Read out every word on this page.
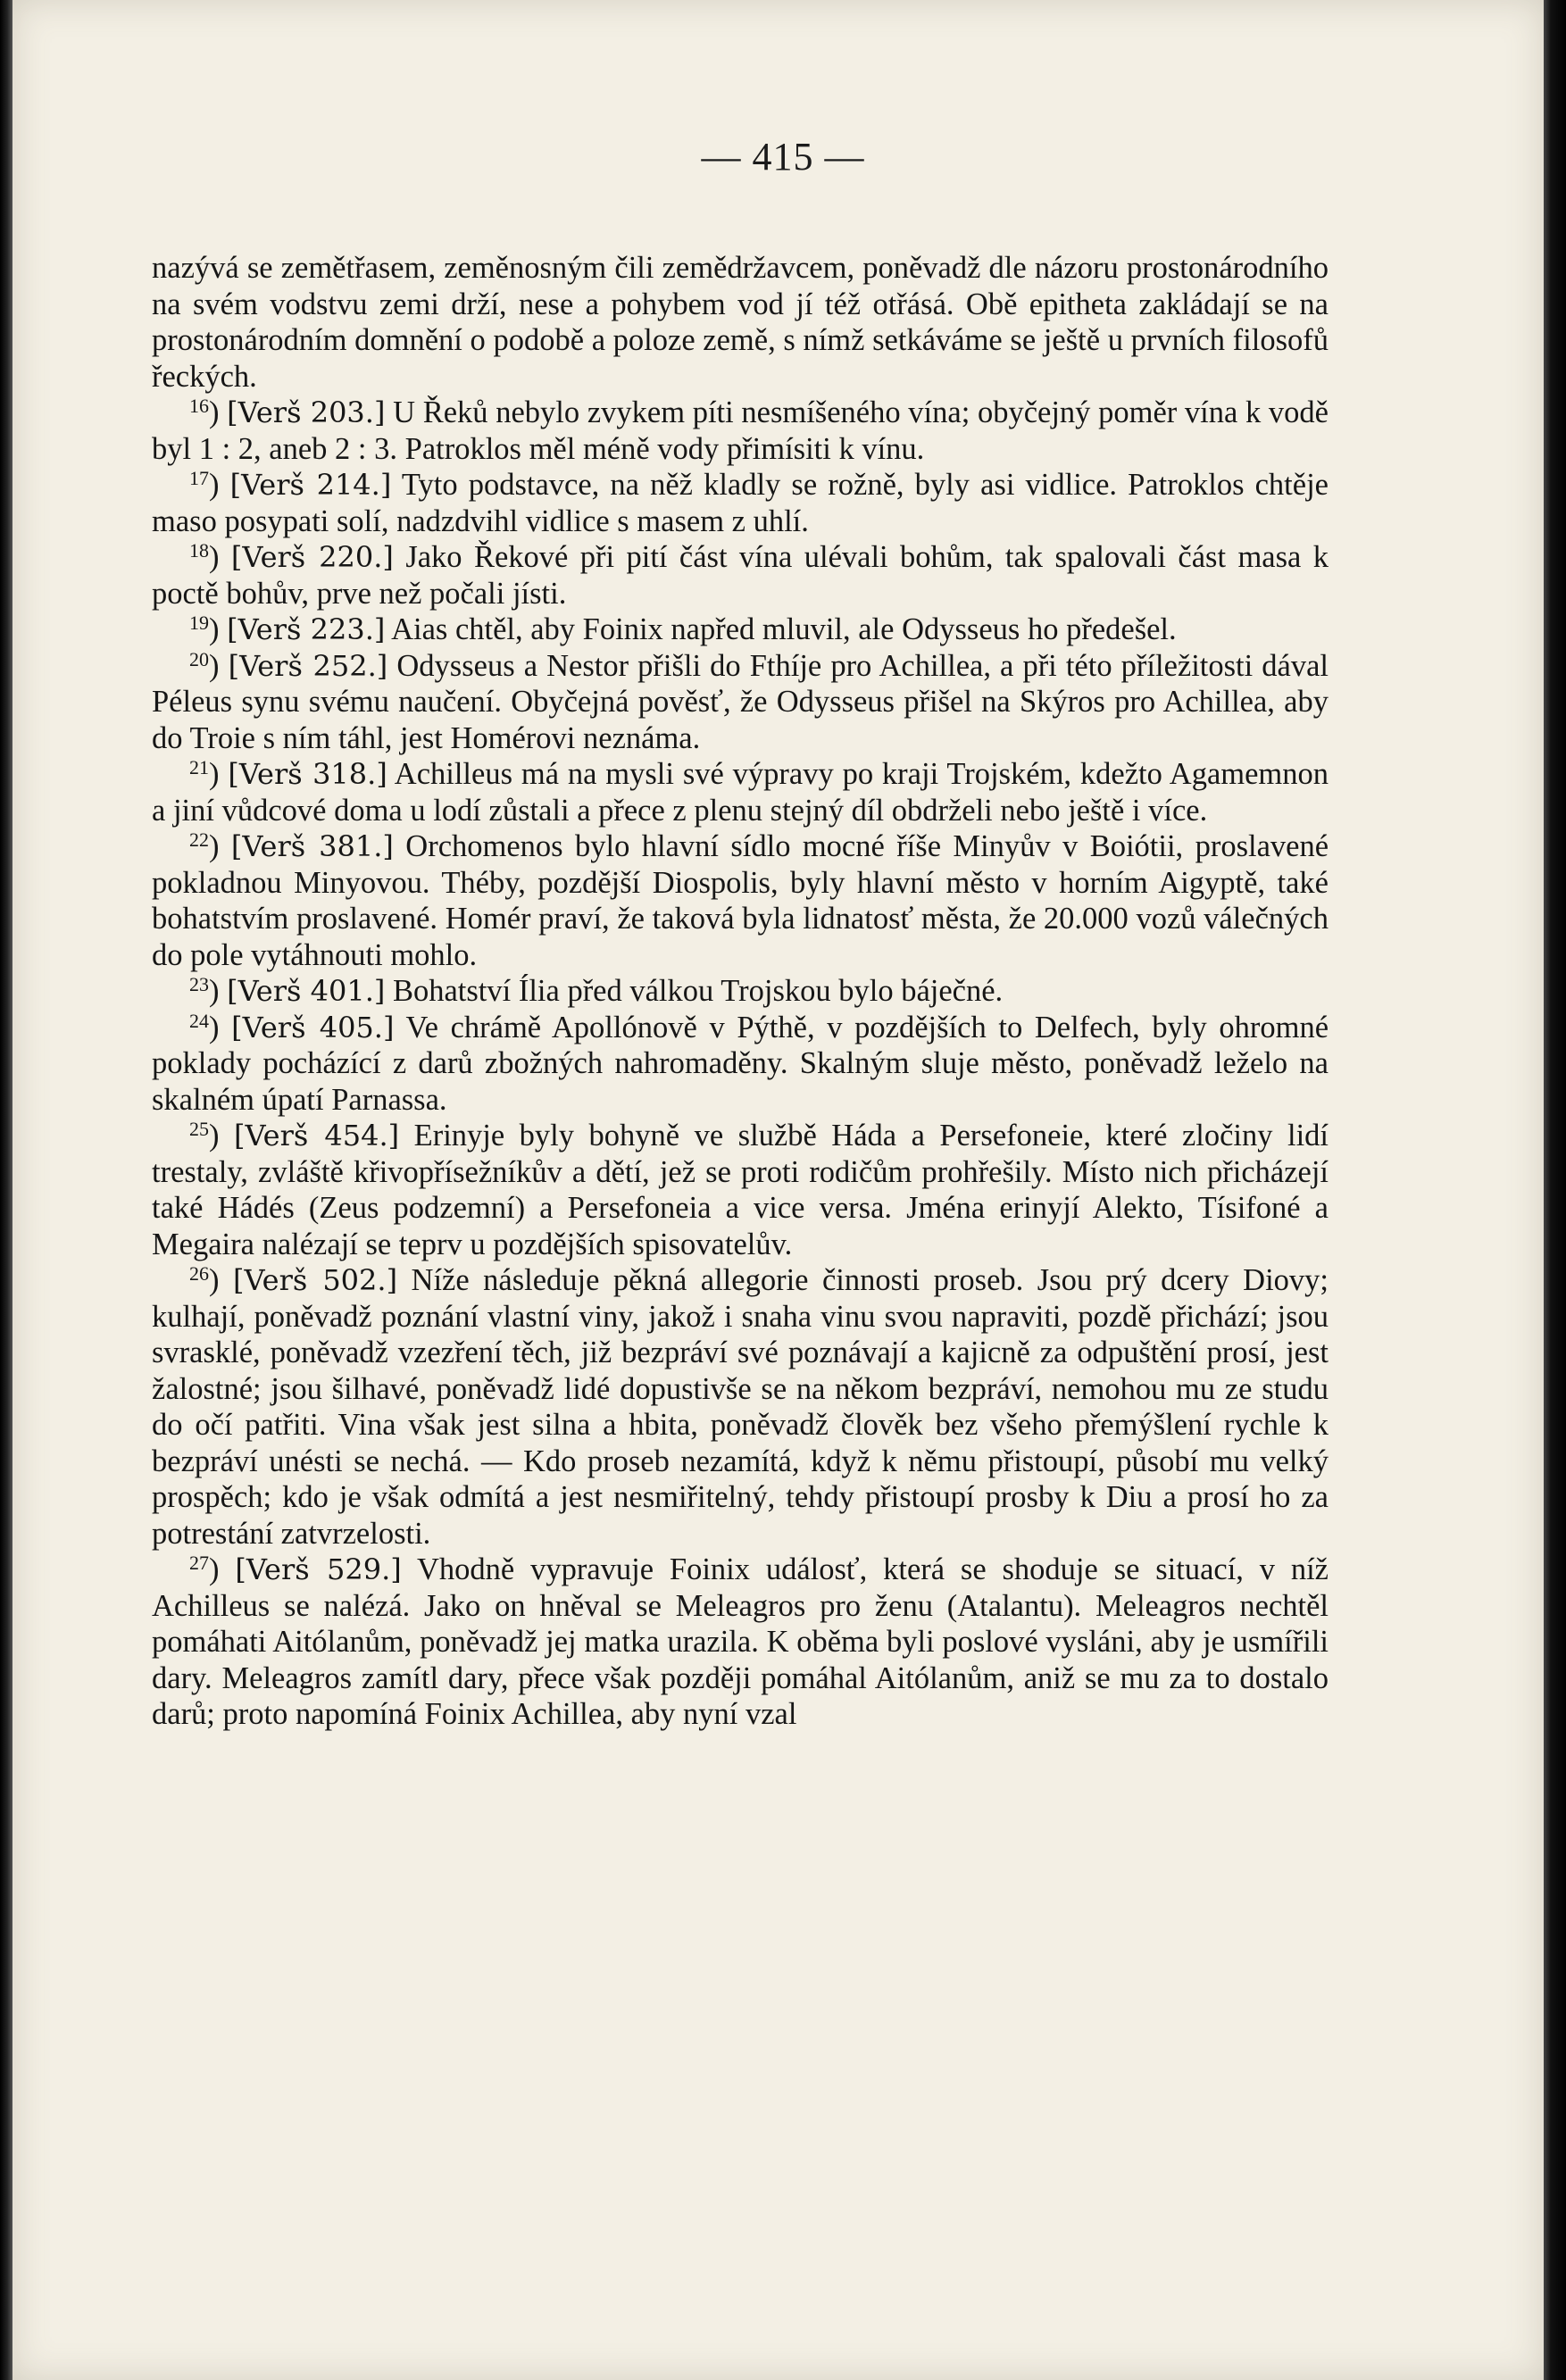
— 415 —

nazývá se zemětřasem, zeměnosným čili zemědržavcem, poněvadž dle názoru prostonárodního na svém vodstvu zemi drží, nese a pohybem vod jí též otřásá. Obě epitheta zakládají se na prostonárodním domnění o podobě a poloze země, s nímž setkáváme se ještě u prvních filosofů řeckých.

$^{16}$) [Verš 203.] U Řeků nebylo zvykem píti nesmíšeného vína; obyčejný poměr vína k vodě byl 1 : 2, aneb 2 : 3. Patroklos měl méně vody přimísiti k vínu.

$^{17}$) [Verš 214.] Tyto podstavce, na něž kladly se rožně, byly asi vidlice. Patroklos chtěje maso posypati solí, nadzdvihl vidlice s masem z uhlí.

$^{18}$) [Verš 220.] Jako Řekové při pití část vína ulévali bohům, tak spalovali část masa k poctě bohův, prve než počali jísti.

$^{19}$) [Verš 223.] Aias chtěl, aby Foinix napřed mluvil, ale Odysseus ho předešel.

$^{20}$) [Verš 252.] Odysseus a Nestor přišli do Fthíje pro Achillea, a při této příležitosti dával Péleus synu svému naučení. Obyčejná pověsť, že Odysseus přišel na Skýros pro Achillea, aby do Troie s ním táhl, jest Homérovi neznáma.

$^{21}$) [Verš 318.] Achilleus má na mysli své výpravy po kraji Trojském, kdežto Agamemnon a jiní vůdcové doma u lodí zůstali a přece z plenu stejný díl obdrželi nebo ještě i více.

$^{22}$) [Verš 381.] Orchomenos bylo hlavní sídlo mocné říše Minyův v Boiótii, proslavené pokladnou Minyovou. Théby, pozdější Diospolis, byly hlavní město v horním Aigyptě, také bohatstvím proslavené. Homér praví, že taková byla lidnatosť města, že 20.000 vozů válečných do pole vytáhnouti mohlo.

$^{23}$) [Verš 401.] Bohatství Ília před válkou Trojskou bylo báječné.

$^{24}$) [Verš 405.] Ve chrámě Apollónově v Pýthě, v pozdějších to Delfech, byly ohromné poklady pocházící z darů zbožných nahromaděny. Skalným sluje město, poněvadž leželo na skalném úpatí Parnassa.

$^{25}$) [Verš 454.] Erinyje byly bohyně ve službě Háda a Persefoneie, které zločiny lidí trestaly, zvláště křivopřísežníkův a dětí, jež se proti rodičům prohřešily. Místo nich přicházejí také Hádés (Zeus podzemní) a Persefoneia a vice versa. Jména erinyjí Alekto, Tísifoné a Megaira nalézají se teprv u pozdějších spisovatelův.

$^{26}$) [Verš 502.] Níže následuje pěkná allegorie činnosti proseb. Jsou prý dcery Diovy; kulhají, poněvadž poznání vlastní viny, jakož i snaha vinu svou napraviti, pozdě přichází; jsou svrasklé, poněvadž vzezření těch, již bezpráví své poznávají a kajicně za odpuštění prosí, jest žalostné; jsou šilhavé, poněvadž lidé dopustivše se na někom bezpráví, nemohou mu ze studu do očí patřiti. Vina však jest silna a hbita, poněvadž člověk bez všeho přemýšlení rychle k bezpráví unésti se nechá. — Kdo proseb nezamítá, když k němu přistoupí, působí mu velký prospěch; kdo je však odmítá a jest nesmiřitelný, tehdy přistoupí prosby k Diu a prosí ho za potrestání zatvrzelosti.

$^{27}$) [Verš 529.] Vhodně vypravuje Foinix událosť, která se shoduje se situací, v níž Achilleus se nalézá. Jako on hněval se Meleagros pro ženu (Atalantu). Meleagros nechtěl pomáhati Aitólanům, poněvadž jej matka urazila. K oběma byli poslové vysláni, aby je usmířili dary. Meleagros zamítl dary, přece však později pomáhal Aitólanům, aniž se mu za to dostalo darů; proto napomíná Foinix Achillea, aby nyní vzal
